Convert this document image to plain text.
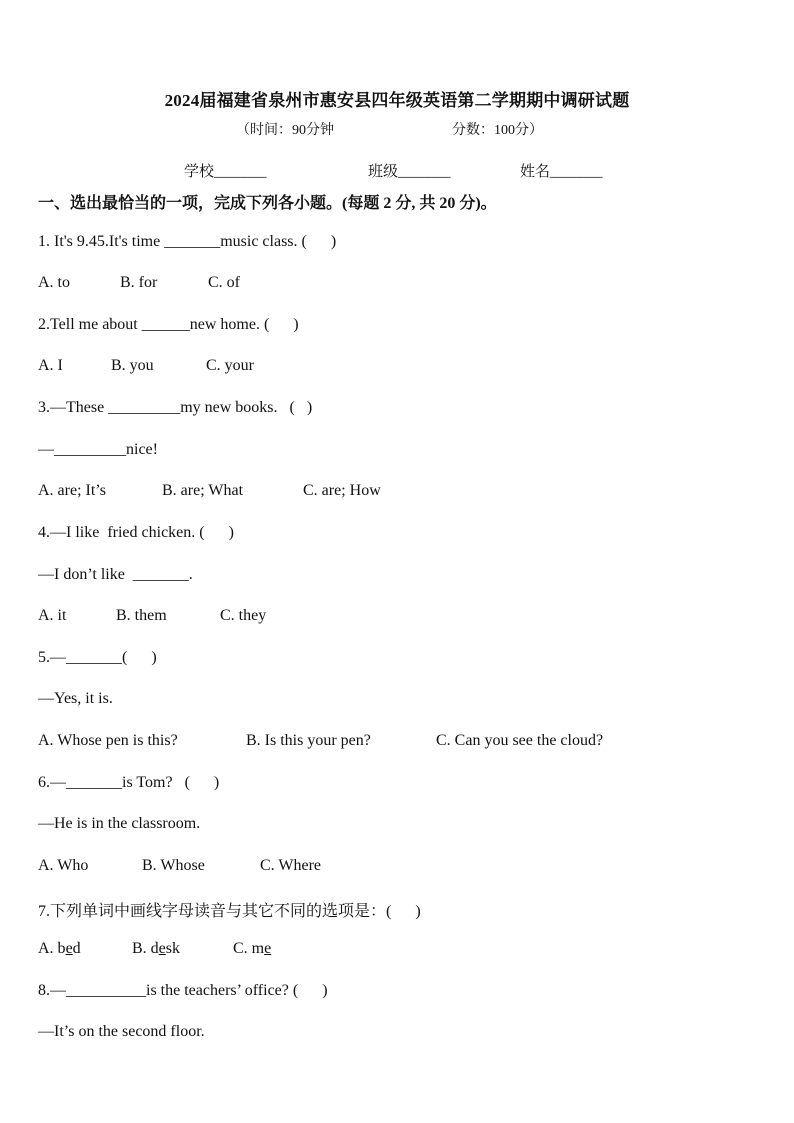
2024届福建省泉州市惠安县四年级英语第二学期期中调研试题
（时间：90分钟	分数：100分）
学校_______	班级_______	姓名_______
一、选出最恰当的一项，完成下列各小题。(每题 2 分, 共 20 分)。
1. It's 9.45.It's time _______music class. (      )
A. to	B. for	C. of
2.Tell me about ______new home. (      )
A. I	B. you	C. your
3.—These _________my new books.   (   )
—_________nice!
A. are; It’s	B. are; What	C. are; How
4.—I like  fried chicken. (      )
—I don’t like  _______.
A. it	B. them	C. they
5.—_______(      )
—Yes, it is.
A. Whose pen is this?	B. Is this your pen?	C. Can you see the cloud?
6.—_______is Tom?   (      )
—He is in the classroom.
A. Who	B. Whose	C. Where
7.下列单词中画线字母读音与其它不同的选项是：(      )
A. bed	B. desk	C. me
8.—__________is the teachers’ office? (      )
—It’s on the second floor.
